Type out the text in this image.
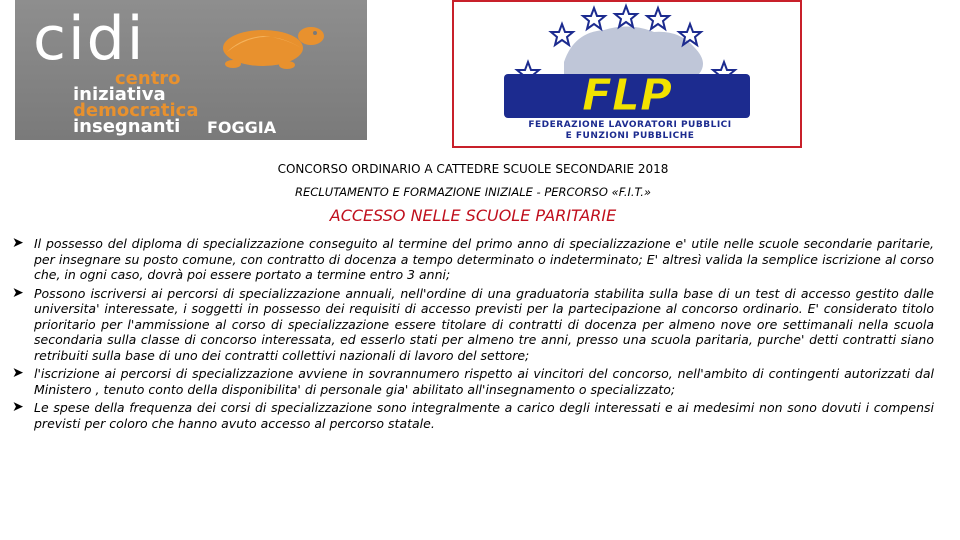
cidi
centro
iniziativa
democratica
insegnanti FOGGIA
FLP
FEDERAZIONE LAVORATORI PUBBLICI
E FUNZIONI PUBBLICHE
CONCORSO ORDINARIO A CATTEDRE SCUOLE SECONDARIE 2018
RECLUTAMENTO E FORMAZIONE INIZIALE - PERCORSO «F.I.T.»
ACCESSO NELLE SCUOLE PARITARIE
➤ Il possesso del diploma di specializzazione conseguito al termine del primo anno di specializzazione e' utile nelle scuole secondarie paritarie, per insegnare su posto comune, con contratto di docenza a tempo determinato o indeterminato; E' altresì valida la semplice iscrizione al corso che, in ogni caso, dovrà poi essere portato a termine entro 3 anni;
➤ Possono iscriversi ai percorsi di specializzazione annuali, nell'ordine di una graduatoria stabilita sulla base di un test di accesso gestito dalle universita' interessate, i soggetti in possesso dei requisiti di accesso previsti per la partecipazione al concorso ordinario. E' considerato titolo prioritario per l'ammissione al corso di specializzazione essere titolare di contratti di docenza per almeno nove ore settimanali nella scuola secondaria sulla classe di concorso interessata, ed esserlo stati per almeno tre anni, presso una scuola paritaria, purche' detti contratti siano retribuiti sulla base di uno dei contratti collettivi nazionali di lavoro del settore;
➤ l'iscrizione ai percorsi di specializzazione avviene in sovrannumero rispetto ai vincitori del concorso, nell'ambito di contingenti autorizzati dal Ministero , tenuto conto della disponibilita' di personale gia' abilitato all'insegnamento o specializzato;
➤ Le spese della frequenza dei corsi di specializzazione sono integralmente a carico degli interessati e ai medesimi non sono dovuti i compensi previsti per coloro che hanno avuto accesso al percorso statale.
